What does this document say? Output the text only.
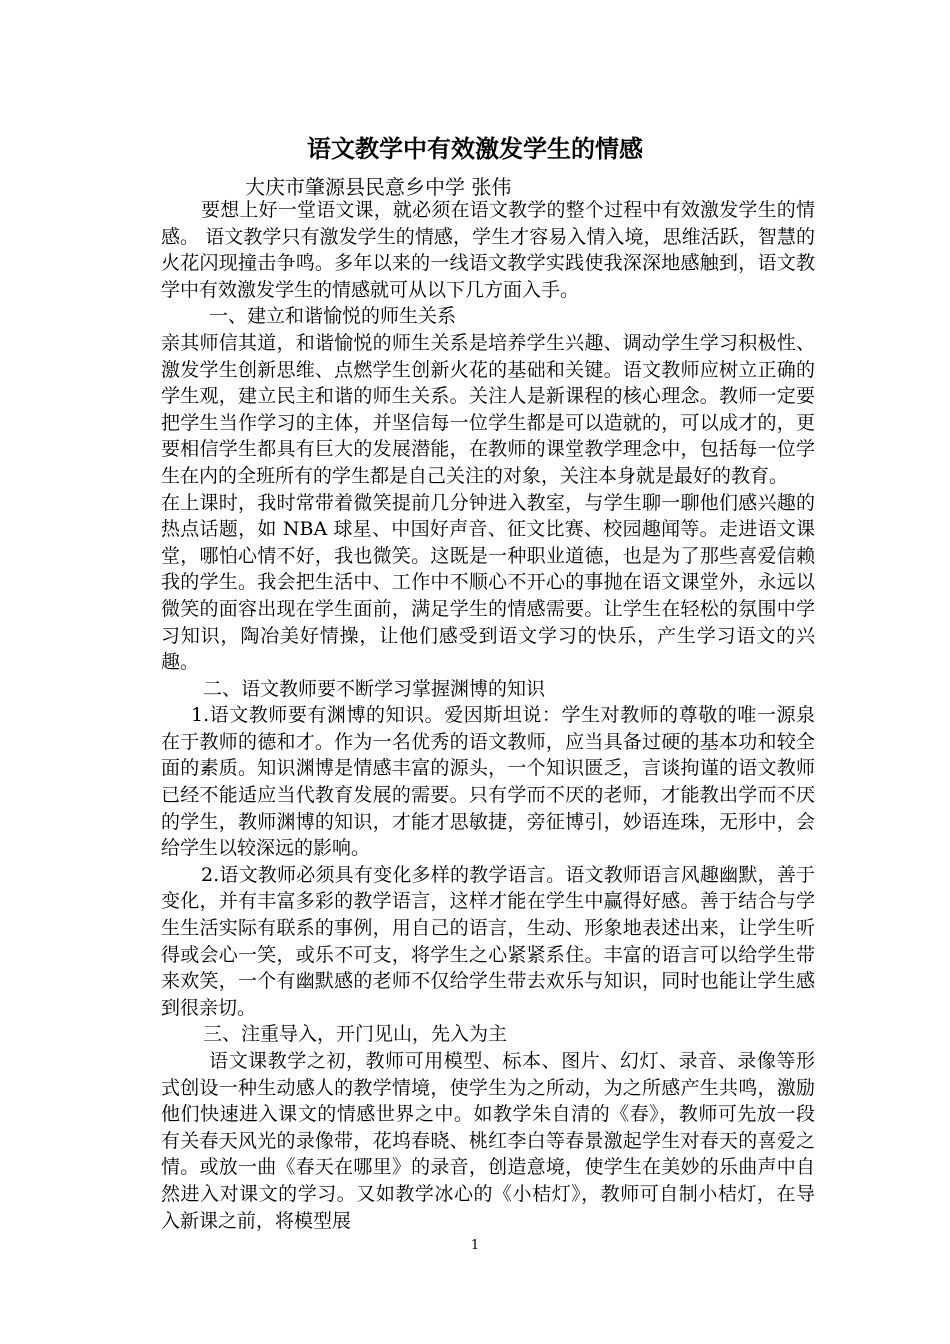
语文教学中有效激发学生的情感
大庆市肇源县民意乡中学 张伟

要想上好一堂语文课，就必须在语文教学的整个过程中有效激发学生的情感。 语文教学只有激发学生的情感，学生才容易入情入境，思维活跃，智慧的火花闪现撞击争鸣。多年以来的一线语文教学实践使我深深地感触到，语文教学中有效激发学生的情感就可从以下几方面入手。

一、建立和谐愉悦的师生关系

亲其师信其道，和谐愉悦的师生关系是培养学生兴趣、调动学生学习积极性、激发学生创新思维、点燃学生创新火花的基础和关键。语文教师应树立正确的学生观，建立民主和谐的师生关系。关注人是新课程的核心理念。教师一定要把学生当作学习的主体，并坚信每一位学生都是可以造就的，可以成才的，更要相信学生都具有巨大的发展潜能，在教师的课堂教学理念中，包括每一位学生在内的全班所有的学生都是自己关注的对象，关注本身就是最好的教育。

在上课时，我时常带着微笑提前几分钟进入教室，与学生聊一聊他们感兴趣的热点话题，如 NBA 球星、中国好声音、征文比赛、校园趣闻等。走进语文课堂，哪怕心情不好，我也微笑。这既是一种职业道德，也是为了那些喜爱信赖我的学生。我会把生活中、工作中不顺心不开心的事抛在语文课堂外，永远以微笑的面容出现在学生面前，满足学生的情感需要。让学生在轻松的氛围中学习知识，陶冶美好情操，让他们感受到语文学习的快乐，产生学习语文的兴趣。

二、语文教师要不断学习掌握渊博的知识

1.语文教师要有渊博的知识。爱因斯坦说：学生对教师的尊敬的唯一源泉在于教师的德和才。作为一名优秀的语文教师，应当具备过硬的基本功和较全面的素质。知识渊博是情感丰富的源头，一个知识匮乏，言谈拘谨的语文教师已经不能适应当代教育发展的需要。只有学而不厌的老师，才能教出学而不厌的学生，教师渊博的知识，才能才思敏捷，旁征博引，妙语连珠，无形中，会给学生以较深远的影响。

2.语文教师必须具有变化多样的教学语言。语文教师语言风趣幽默，善于变化，并有丰富多彩的教学语言，这样才能在学生中赢得好感。善于结合与学生生活实际有联系的事例，用自己的语言，生动、形象地表述出来，让学生听得或会心一笑，或乐不可支，将学生之心紧紧系住。丰富的语言可以给学生带来欢笑，一个有幽默感的老师不仅给学生带去欢乐与知识，同时也能让学生感到很亲切。

三、注重导入，开门见山，先入为主

语文课教学之初，教师可用模型、标本、图片、幻灯、录音、录像等形式创设一种生动感人的教学情境，使学生为之所动，为之所感产生共鸣，激励他们快速进入课文的情感世界之中。如教学朱自清的《春》，教师可先放一段有关春天风光的录像带，花坞春晓、桃红李白等春景激起学生对春天的喜爱之情。或放一曲《春天在哪里》的录音，创造意境，使学生在美妙的乐曲声中自然进入对课文的学习。又如教学冰心的《小桔灯》，教师可自制小桔灯，在导入新课之前，将模型展

1
